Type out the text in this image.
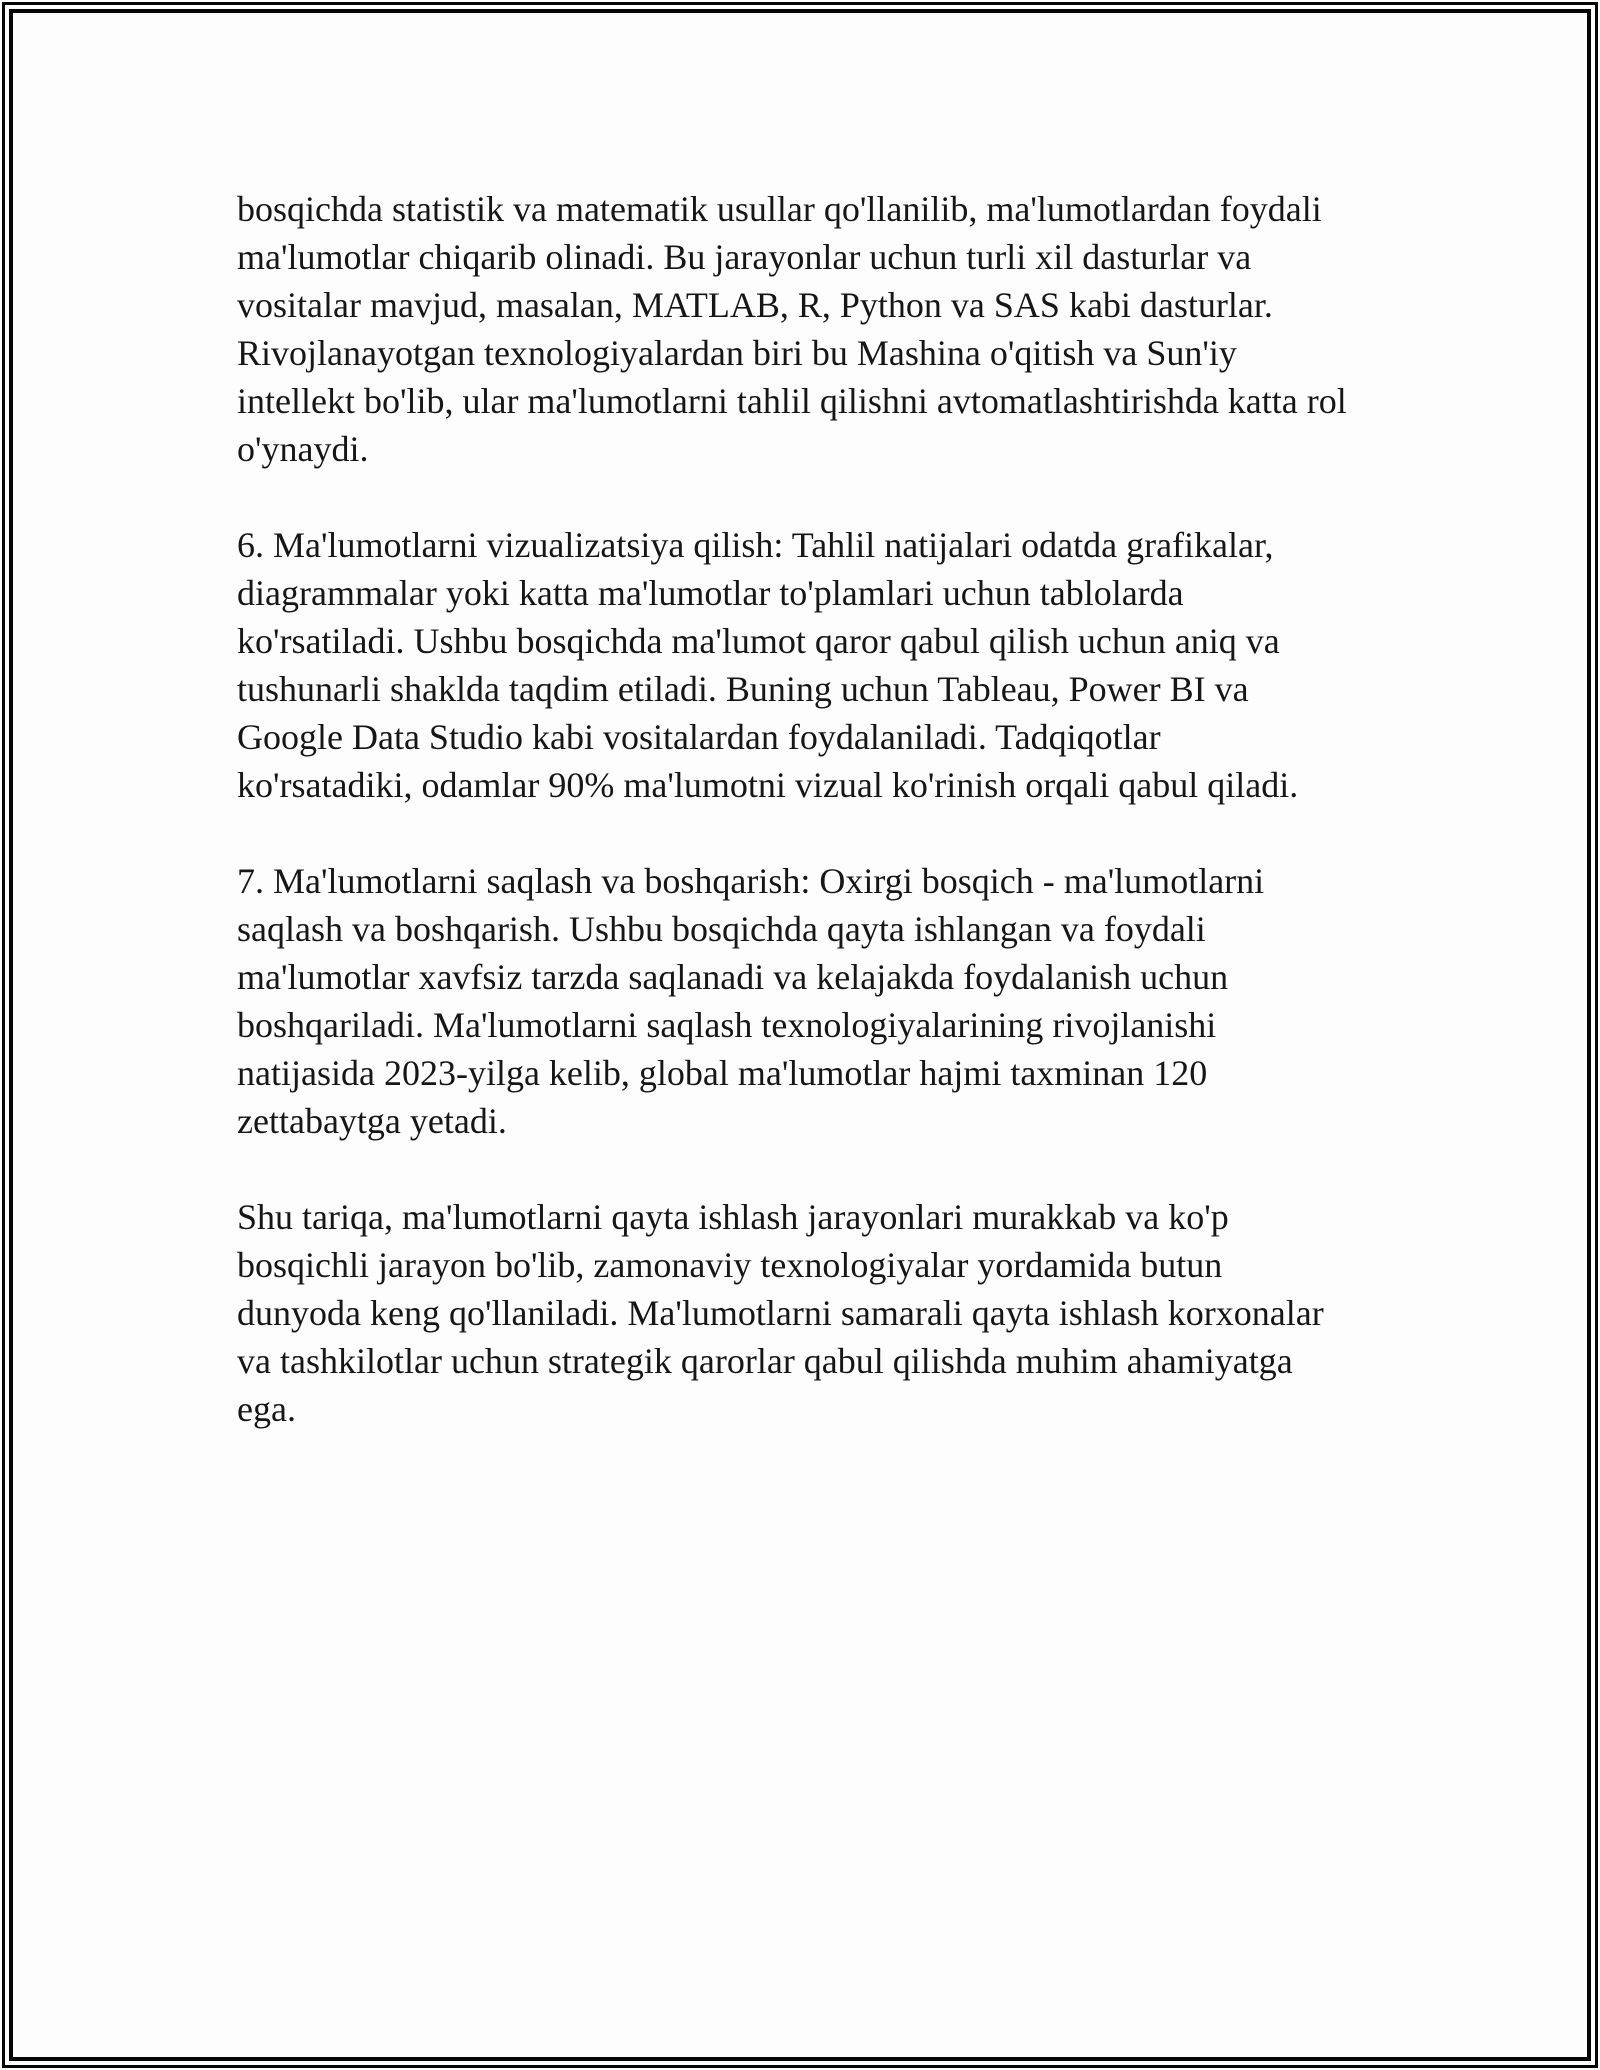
bosqichda statistik va matematik usullar qo'llanilib, ma'lumotlardan foydali
ma'lumotlar chiqarib olinadi. Bu jarayonlar uchun turli xil dasturlar va
vositalar mavjud, masalan, MATLAB, R, Python va SAS kabi dasturlar.
Rivojlanayotgan texnologiyalardan biri bu Mashina o'qitish va Sun'iy
intellekt bo'lib, ular ma'lumotlarni tahlil qilishni avtomatlashtirishda katta rol
o'ynaydi.
6. Ma'lumotlarni vizualizatsiya qilish: Tahlil natijalari odatda grafikalar,
diagrammalar yoki katta ma'lumotlar to'plamlari uchun tablolarda
ko'rsatiladi. Ushbu bosqichda ma'lumot qaror qabul qilish uchun aniq va
tushunarli shaklda taqdim etiladi. Buning uchun Tableau, Power BI va
Google Data Studio kabi vositalardan foydalaniladi. Tadqiqotlar
ko'rsatadiki, odamlar 90% ma'lumotni vizual ko'rinish orqali qabul qiladi.
7. Ma'lumotlarni saqlash va boshqarish: Oxirgi bosqich - ma'lumotlarni
saqlash va boshqarish. Ushbu bosqichda qayta ishlangan va foydali
ma'lumotlar xavfsiz tarzda saqlanadi va kelajakda foydalanish uchun
boshqariladi. Ma'lumotlarni saqlash texnologiyalarining rivojlanishi
natijasida 2023-yilga kelib, global ma'lumotlar hajmi taxminan 120
zettabaytga yetadi.
Shu tariqa, ma'lumotlarni qayta ishlash jarayonlari murakkab va ko'p
bosqichli jarayon bo'lib, zamonaviy texnologiyalar yordamida butun
dunyoda keng qo'llaniladi. Ma'lumotlarni samarali qayta ishlash korxonalar
va tashkilotlar uchun strategik qarorlar qabul qilishda muhim ahamiyatga
ega.
